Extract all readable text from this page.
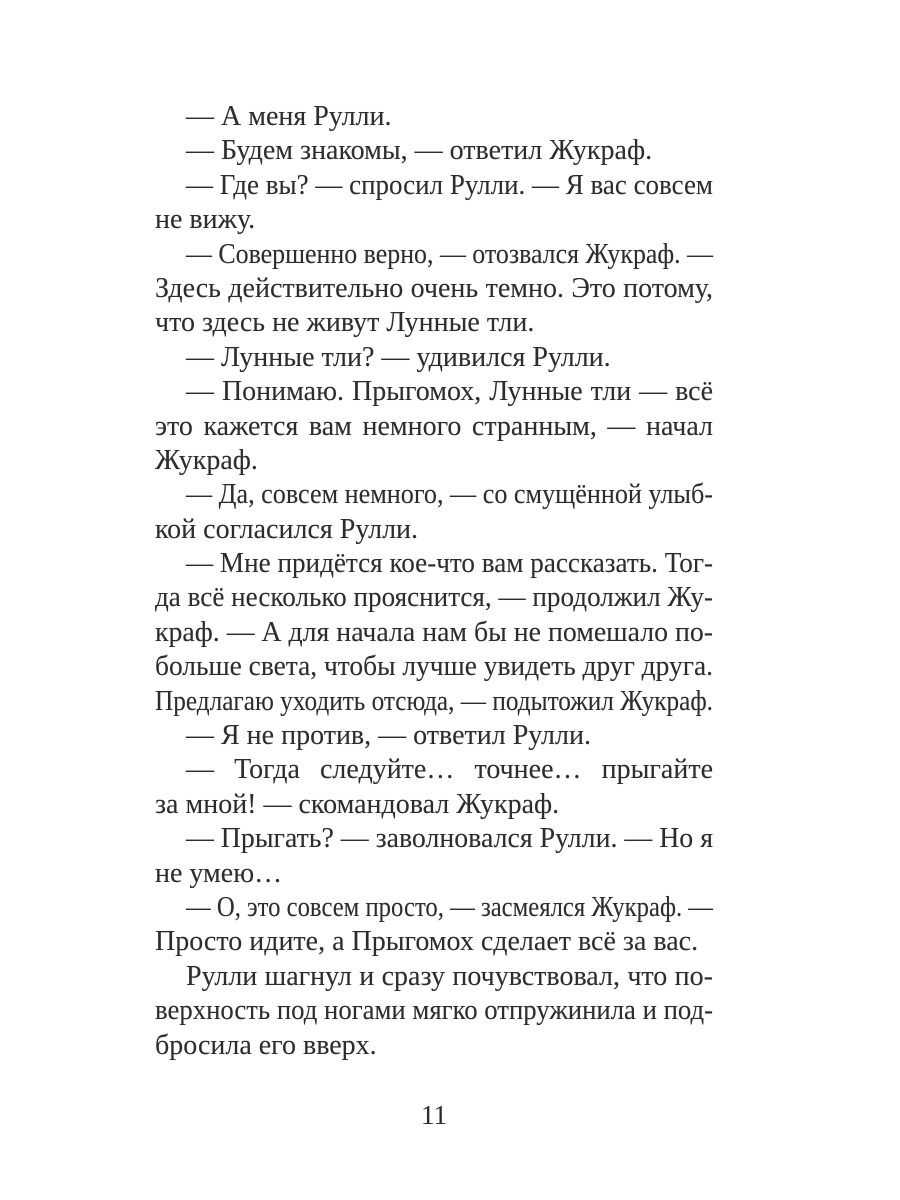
— А меня Рулли.
— Будем знакомы, — ответил Жукраф.
— Где вы? — спросил Рулли. — Я вас совсем
не вижу.
— Совершенно верно, — отозвался Жукраф. —
Здесь действительно очень темно. Это потому,
что здесь не живут Лунные тли.
— Лунные тли? — удивился Рулли.
— Понимаю. Прыгомох, Лунные тли — всё
это кажется вам немного странным, — начал
Жукраф.
— Да, совсем немного, — со смущённой улыб-
кой согласился Рулли.
— Мне придётся кое-что вам рассказать. Тог-
да всё несколько прояснится, — продолжил Жу-
краф. — А для начала нам бы не помешало по-
больше света, чтобы лучше увидеть друг друга.
Предлагаю уходить отсюда, — подытожил Жукраф.
— Я не против, — ответил Рулли.
— Тогда следуйте… точнее… прыгайте
за мной! — скомандовал Жукраф.
— Прыгать? — заволновался Рулли. — Но я
не умею…
— О, это совсем просто, — засмеялся Жукраф. —
Просто идите, а Прыгомох сделает всё за вас.
Рулли шагнул и сразу почувствовал, что по-
верхность под ногами мягко отпружинила и под-
бросила его вверх.
11
